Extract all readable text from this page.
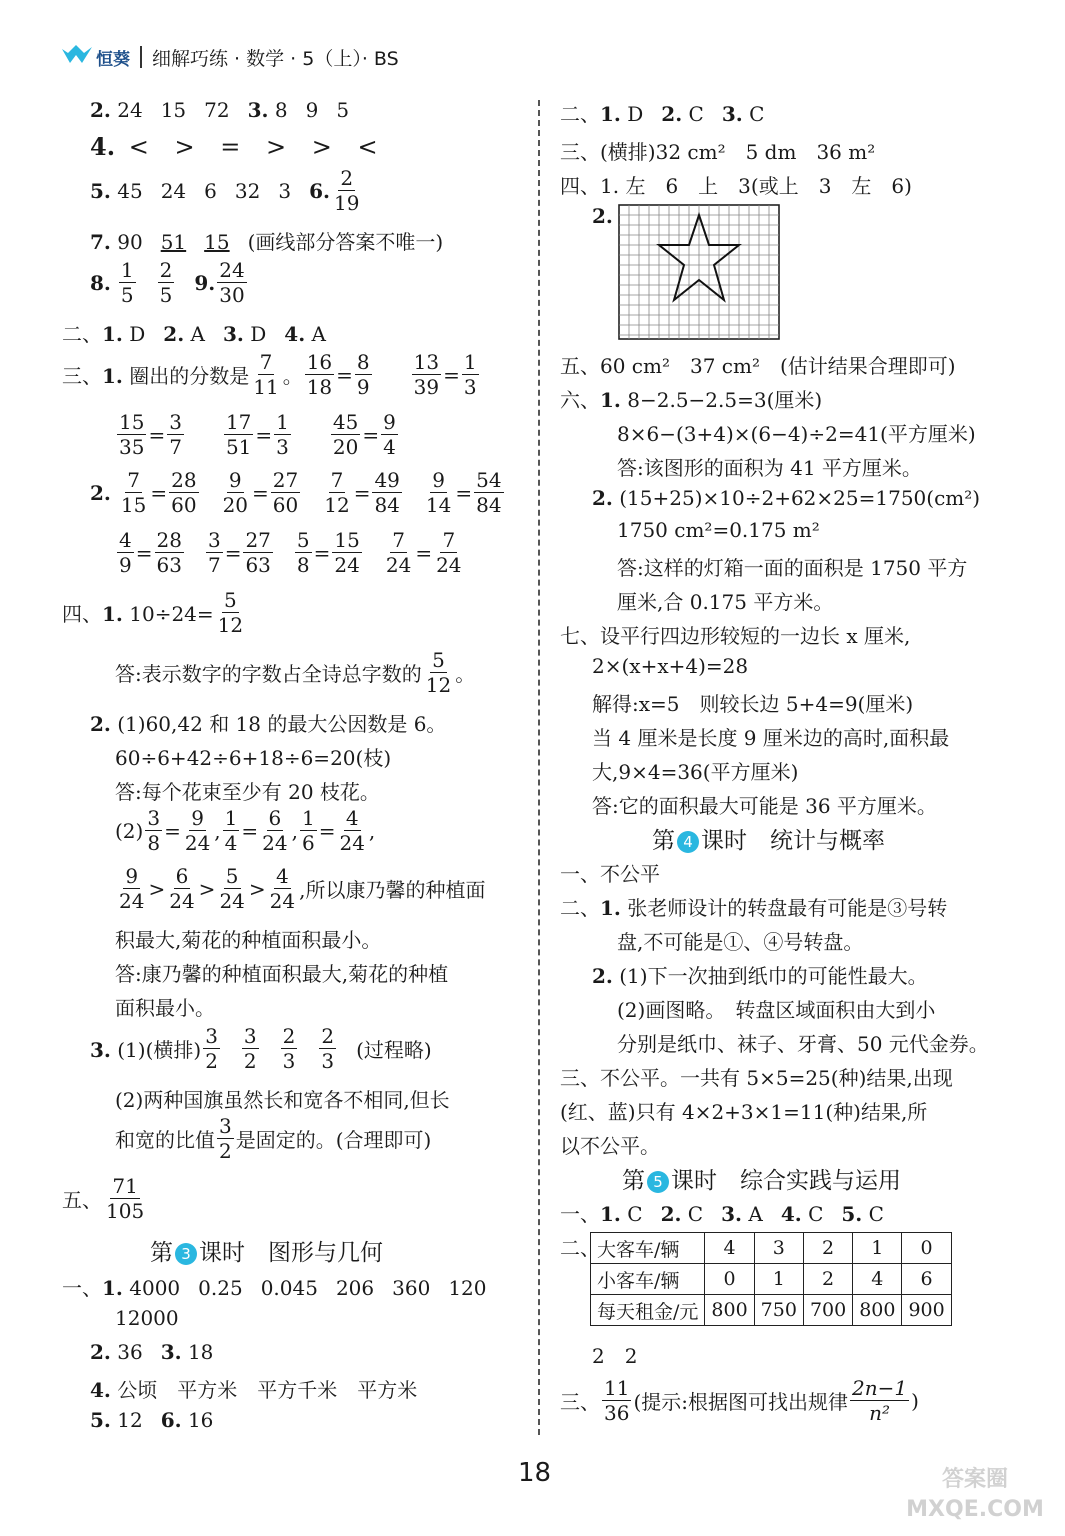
恒葵 细解巧练 · 数学 · 5（上）· BS
2. 24 15 72 3. 8 9 5
4. < > = > > <
5. 45 24 6 32 3 6. $\frac{2}{19}$
7. 90 51 15 (画线部分答案不唯一)
8. $\frac{1}{5} \frac{2}{5} 9$. $\frac{24}{30}$
二、1. D 2. A 3. D 4. A
三、1. 圈出的分数是 $\frac{7}{11}$ 。 $\frac{16}{18} = \frac{8}{9} \frac{13}{39} = \frac{1}{3}$
$\frac{15}{35} = \frac{3}{7} \frac{17}{51} = \frac{1}{3} \frac{45}{20} = \frac{9}{4}$
2. $\frac{7}{15} = \frac{28}{60} \frac{9}{20} = \frac{27}{60} \frac{7}{12} = \frac{49}{84} \frac{9}{14} = \frac{54}{84}$
$\frac{4}{9} = \frac{28}{63} \frac{3}{7} = \frac{27}{63} \frac{5}{8} = \frac{15}{24} \frac{7}{24} = \frac{7}{24}$
四、1. $10\div 24= \frac{5}{12}$
答:表示数字的字数占全诗总字数的 $\frac{5}{12}$ 。
2. (1)60,42 和 18 的最大公因数是 6。
60÷6+42÷6+18÷6=20(枝)
答:每个花束至少有 20 枝花。
$(2) \frac{3}{8} = \frac{9}{24}$ , $\frac{1}{4} = \frac{6}{24}$ , $\frac{1}{6} = \frac{4}{24}$ ,
$\frac{9}{24} > \frac{6}{24} > \frac{5}{24} > \frac{4}{24}$ ,所以康乃馨的种植面
积最大,菊花的种植面积最小。
答:康乃馨的种植面积最大,菊花的种植
面积最小。
3. (1)(横排) $\frac{3}{2} \frac{3}{2} \frac{2}{3} \frac{2}{3}$ (过程略)
(2)两种国旗虽然长和宽各不相同,但长
和宽的比值 $\frac{3}{2}$ 是固定的。(合理即可)
五、 $\frac{71}{105}$
第 3 课时　图形与几何
一、1. 4000 0.25 0.045 206 360 120
12000
2. 36 3. 18
4. 公顷　平方米　平方千米　平方米
5. 12 6. 16
二、1. D 2. C 3. C
三、(横排)32 cm²　5 dm　36 m²
四、1. 左　6　上　3(或上　3　左　6)
2.
五、60 cm²　37 cm²　(估计结果合理即可)
六、1. 8−2.5−2.5=3(厘米)
8×6−(3+4)×(6−4)÷2=41(平方厘米)
答:该图形的面积为 41 平方厘米。
2. (15+25)×10÷2+62×25=1750(cm²)
1750 cm²=0.175 m²
答:这样的灯箱一面的面积是 1750 平方
厘米,合 0.175 平方米。
七、设平行四边形较短的一边长 x 厘米,
2×(x+x+4)=28
解得:x=5　则较长边 5+4=9(厘米)
当 4 厘米是长度 9 厘米边的高时,面积最
大,9×4=36(平方厘米)
答:它的面积最大可能是 36 平方厘米。
第 4 课时　统计与概率
一、不公平
二、1. 张老师设计的转盘最有可能是③号转
盘,不可能是①、④号转盘。
2. (1)下一次抽到纸巾的可能性最大。
(2)画图略。　转盘区域面积由大到小
分别是纸巾、袜子、牙膏、50 元代金券。
三、不公平。一共有 5×5=25(种)结果,出现
(红、蓝)只有 4×2+3×1=11(种)结果,所
以不公平。
第 5 课时　综合实践与运用
一、1. C 2. C 3. A 4. C 5. C
二、
大客车/辆	4	3	2	1	0
小客车/辆	0	1	2	4	6
每天租金/元	800	750	700	800	900
2　2
三、 $\frac{11}{36}$ (提示:根据图可找出规律 $\frac{2n-1}{\text{n²}}$ )
18	答案圈
MXQE.COM
